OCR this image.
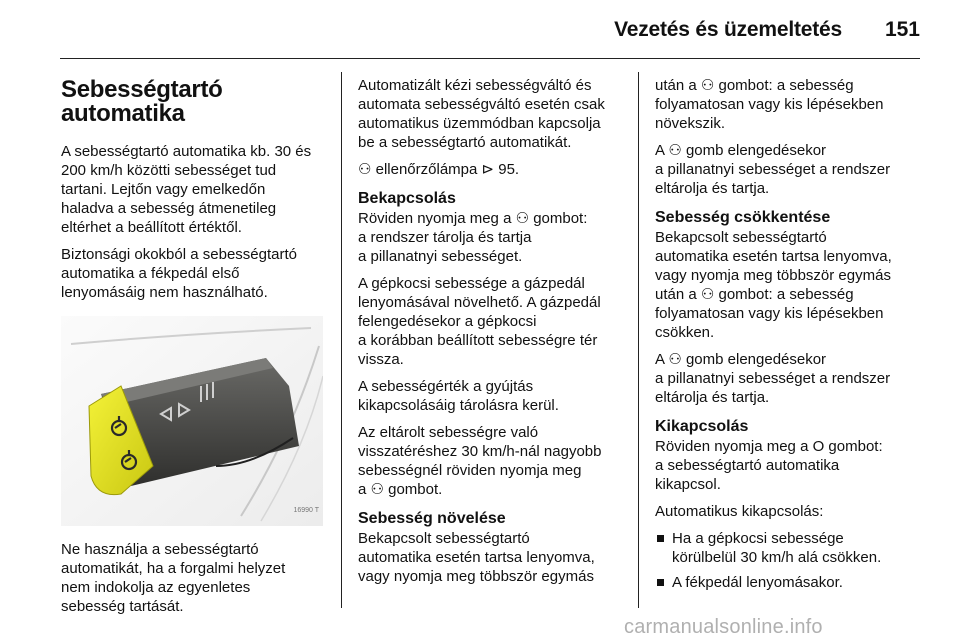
Vezetés és üzemeltetés 151
Sebességtartó
automatika

A sebességtartó automatika kb. 30 és
200 km/h közötti sebességet tud
tartani. Lejtőn vagy emelkedőn
haladva a sebesség átmenetileg
eltérhet a beállított értéktől.

Biztonsági okokból a sebességtartó
automatika a fékpedál első
lenyomásáig nem használható.

16990 T

Ne használja a sebességtartó
automatikát, ha a forgalmi helyzet
nem indokolja az egyenletes
sebesség tartását.

Automatizált kézi sebességváltó és
automata sebességváltó esetén csak
automatikus üzemmódban kapcsolja
be a sebességtartó automatikát.

⚇ ellenőrzőlámpa ⊳ 95.

Bekapcsolás

Röviden nyomja meg a ⚇ gombot:
a rendszer tárolja és tartja
a pillanatnyi sebességet.

A gépkocsi sebessége a gázpedál
lenyomásával növelhető. A gázpedál
felengedésekor a gépkocsi
a korábban beállított sebességre tér
vissza.

A sebességérték a gyújtás
kikapcsolásáig tárolásra kerül.

Az eltárolt sebességre való
visszatéréshez 30 km/h-nál nagyobb
sebességnél röviden nyomja meg
a ⚇ gombot.

Sebesség növelése

Bekapcsolt sebességtartó
automatika esetén tartsa lenyomva,
vagy nyomja meg többször egymás

után a ⚇ gombot: a sebesség
folyamatosan vagy kis lépésekben
növekszik.

A ⚇ gomb elengedésekor
a pillanatnyi sebességet a rendszer
eltárolja és tartja.

Sebesség csökkentése

Bekapcsolt sebességtartó
automatika esetén tartsa lenyomva,
vagy nyomja meg többször egymás
után a ⚇ gombot: a sebesség
folyamatosan vagy kis lépésekben
csökken.

A ⚇ gomb elengedésekor
a pillanatnyi sebességet a rendszer
eltárolja és tartja.

Kikapcsolás

Röviden nyomja meg a O gombot:
a sebességtartó automatika
kikapcsol.

Automatikus kikapcsolás:

Ha a gépkocsi sebessége
körülbelül 30 km/h alá csökken.
A fékpedál lenyomásakor.
carmanualsonline.info
